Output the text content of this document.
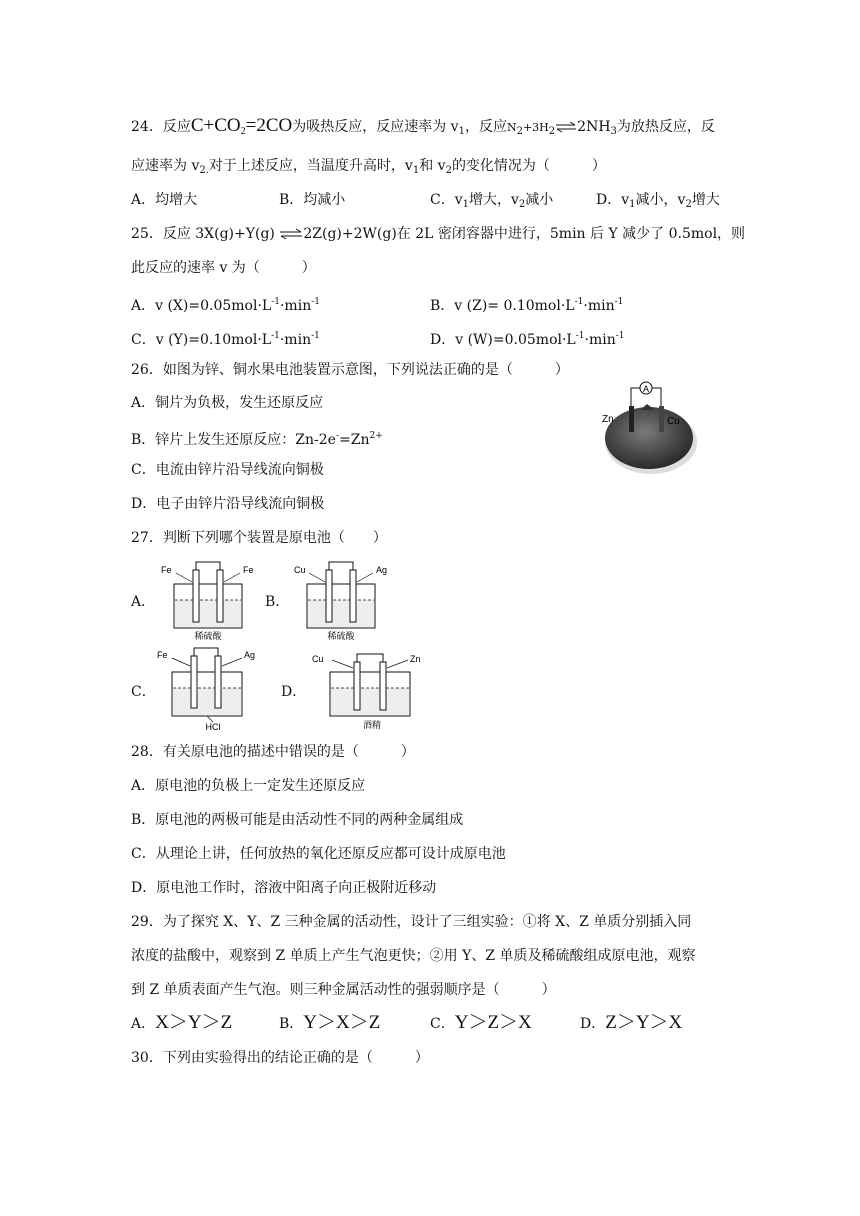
24．反应$C+CO_2=2CO$为吸热反应，反应速率为 $v_1$，反应$N2+3H2\rightleftharpoons 2NH_3$为放热反应，反
应速率为 $v_{2.}$对于上述反应，当温度升高时，$v_1$和 $v_2$的变化情况为（　　　）
A．均增大	B．均减小	C．$v_1$增大，$v_2$减小	D．$v_1$减小，$v_2$增大
25．反应 3X(g)+Y(g) ⇌2Z(g)+2W(g)在 2L 密闭容器中进行，5min 后 Y 减少了 0.5mol，则
此反应的速率 v 为（　　　）
A．v $(X)=0.05mol\cdot L^{-1}\cdot\min^{-1}$	B．v $(Z)= 0.10mol\cdot L^{-1}\cdot\min^{-1}$
C．v $(Y)=0.10mol\cdot L^{-1}\cdot\min^{-1}$	D．v $(W)=0.05mol\cdot L^{-1}\cdot\min^{-1}$
26．如图为锌、铜水果电池装置示意图，下列说法正确的是（　　　）
A．铜片为负极，发生还原反应
B．锌片上发生还原反应：$Zn-2e^-=Zn^{2+}$
C．电流由锌片沿导线流向铜极
D．电子由锌片沿导线流向铜极
A
Zn	Cu
27．判断下列哪个装置是原电池（　　）
A．	B．
C．	D．
Fe	Fe
稀硫酸
Cu	Ag
稀硫酸
Fe	Ag
HCl
Cu	Zn
酒精
28．有关原电池的描述中错误的是（　　　）
A．原电池的负极上一定发生还原反应
B．原电池的两极可能是由活动性不同的两种金属组成
C．从理论上讲，任何放热的氧化还原反应都可设计成原电池
D．原电池工作时，溶液中阳离子向正极附近移动
29．为了探究 X、Y、Z 三种金属的活动性，设计了三组实验：①将 X、Z 单质分别插入同
浓度的盐酸中，观察到 Z 单质上产生气泡更快；②用 Y、Z 单质及稀硫酸组成原电池，观察
到 Z 单质表面产生气泡。则三种金属活动性的强弱顺序是（　　　）
A．X＞Y＞Z	B．Y＞X＞Z	C．Y＞Z＞X	D．Z＞Y＞X
30．下列由实验得出的结论正确的是（　　　）
